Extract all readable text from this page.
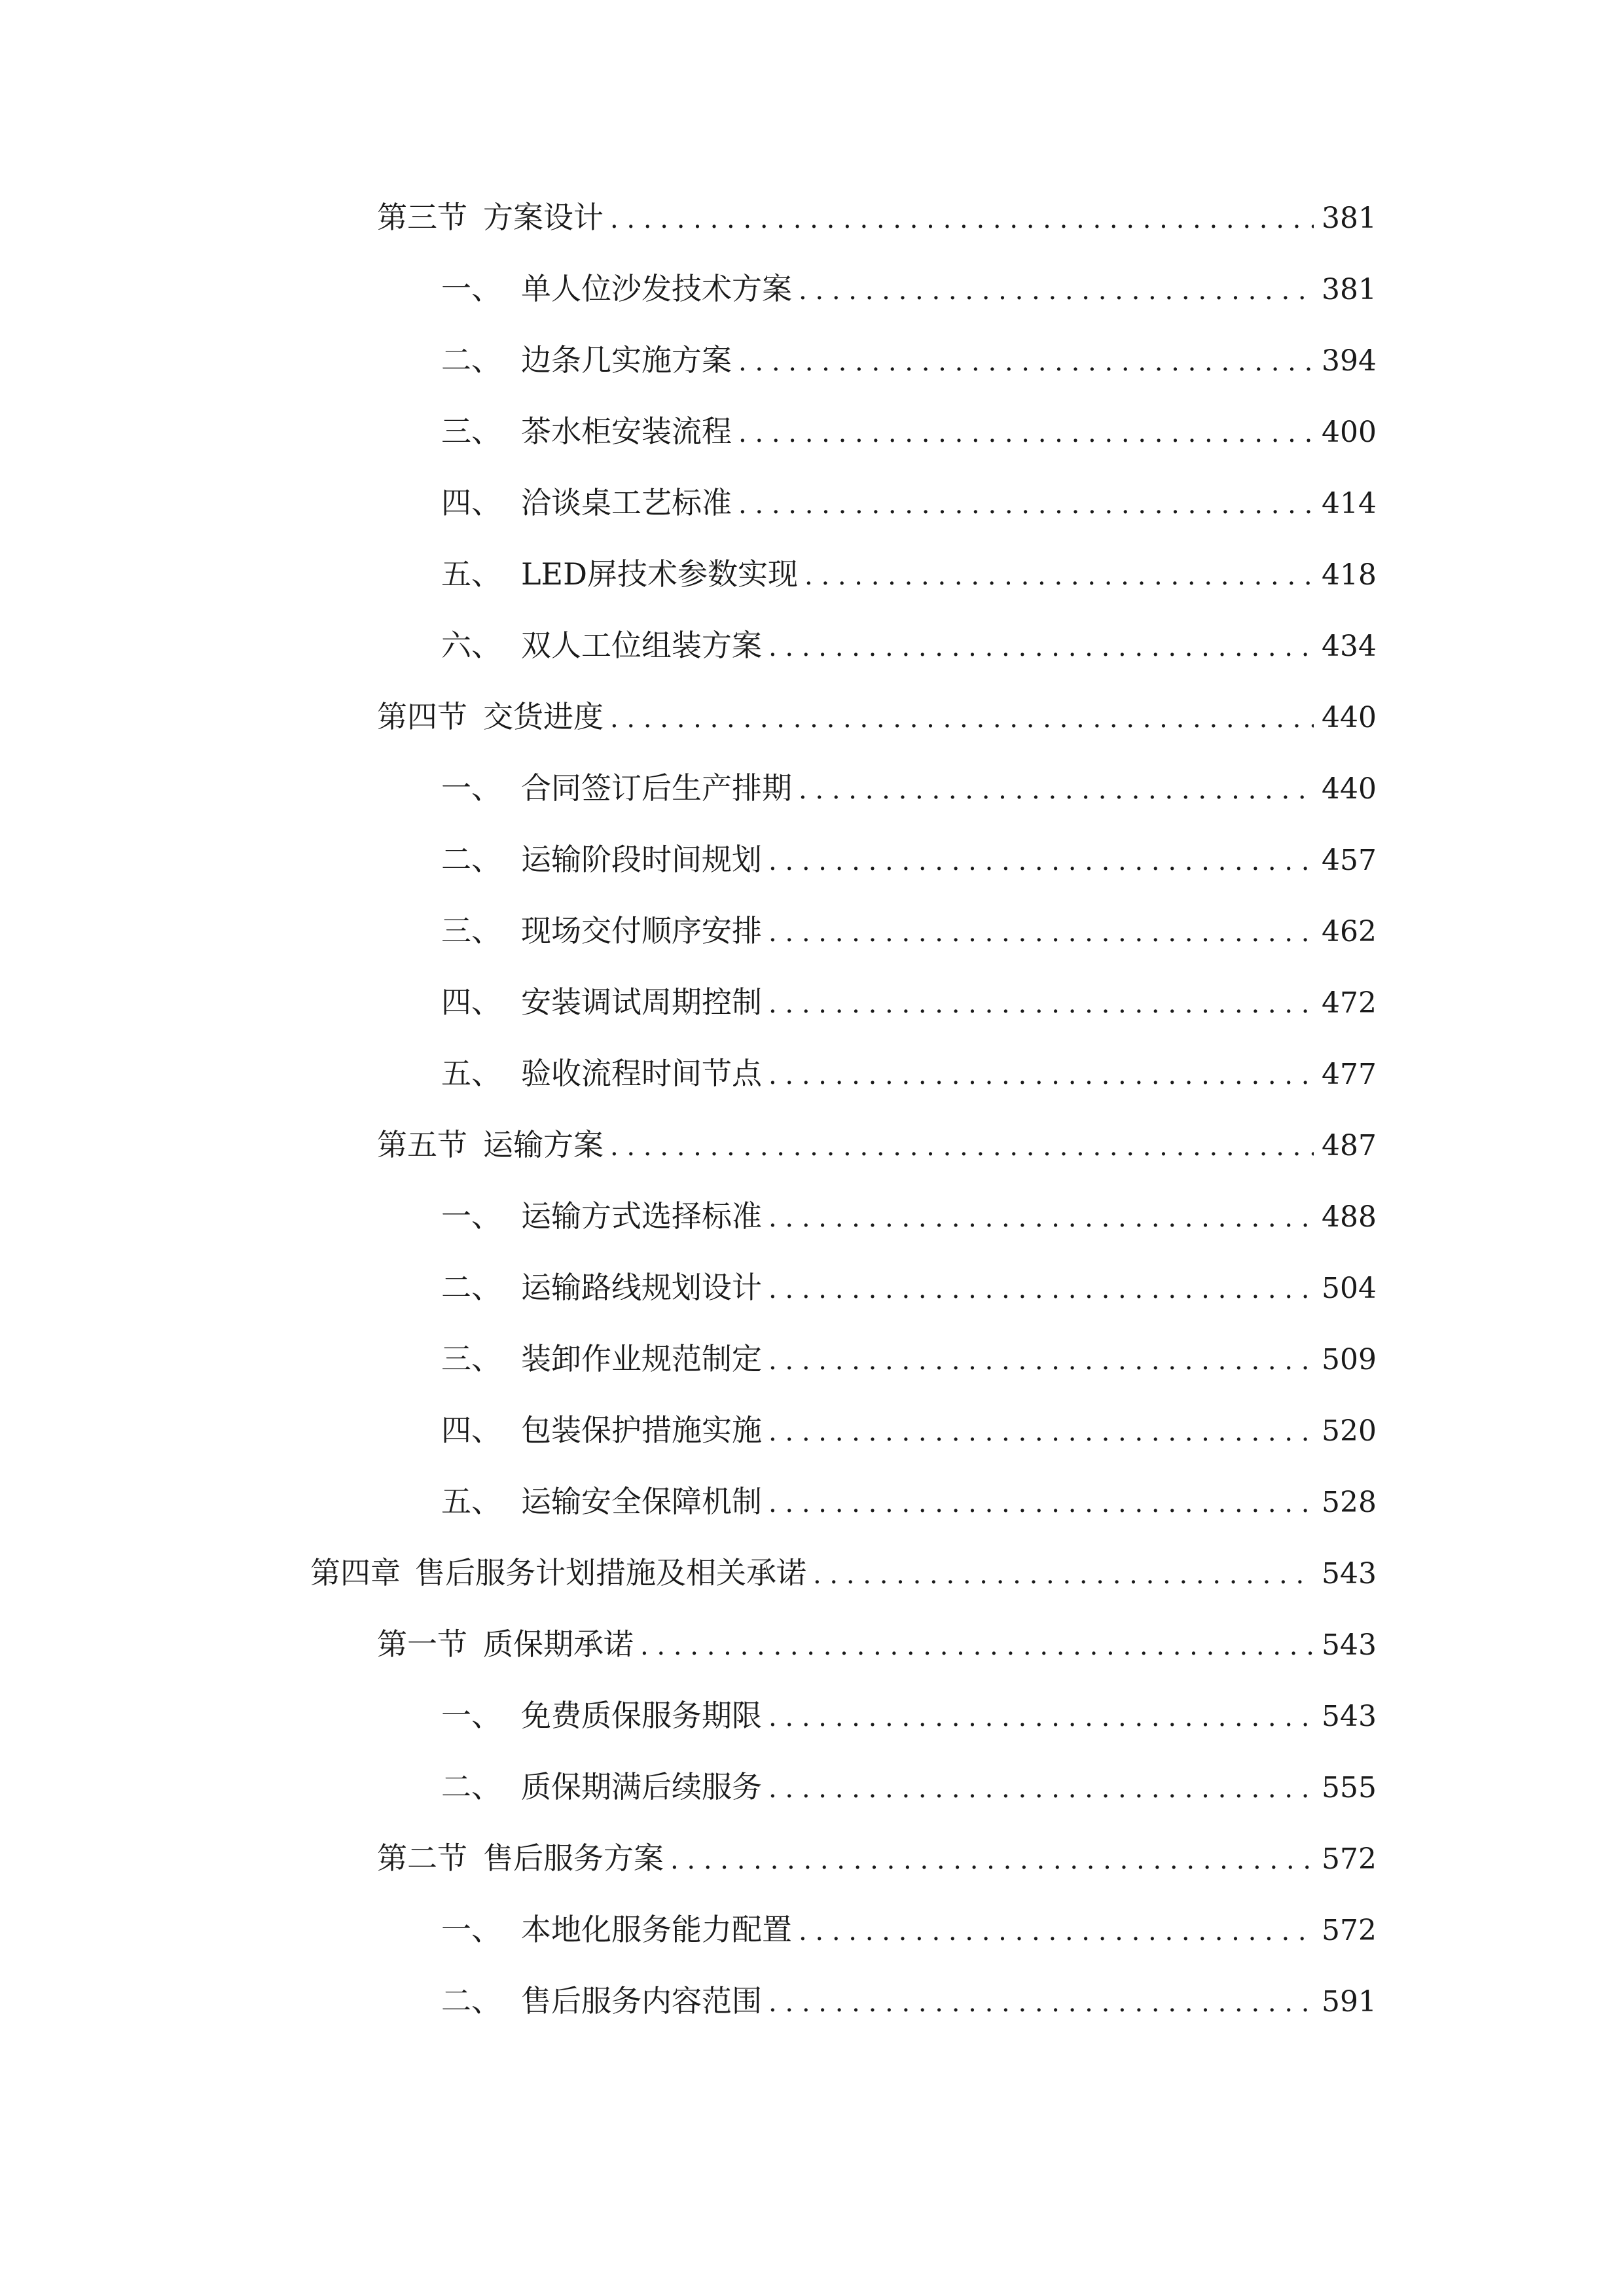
第三节 方案设计 . . .	381
一、 单人位沙发技术方案 . . .	381
二、 边条几实施方案 . . .	394
三、 茶水柜安装流程 . . .	400
四、 洽谈桌工艺标准 . . .	414
五、 LED屏技术参数实现 . . .	418
六、 双人工位组装方案 . . .	434
第四节 交货进度 . . .	440
一、 合同签订后生产排期 . . .	440
二、 运输阶段时间规划 . . .	457
三、 现场交付顺序安排 . . .	462
四、 安装调试周期控制 . . .	472
五、 验收流程时间节点 . . .	477
第五节 运输方案 . . .	487
一、 运输方式选择标准 . . .	488
二、 运输路线规划设计 . . .	504
三、 装卸作业规范制定 . . .	509
四、 包装保护措施实施 . . .	520
五、 运输安全保障机制 . . .	528
第四章 售后服务计划措施及相关承诺 . . .	543
第一节 质保期承诺 . . .	543
一、 免费质保服务期限 . . .	543
二、 质保期满后续服务 . . .	555
第二节 售后服务方案 . . .	572
一、 本地化服务能力配置 . . .	572
二、 售后服务内容范围 . . .	591
